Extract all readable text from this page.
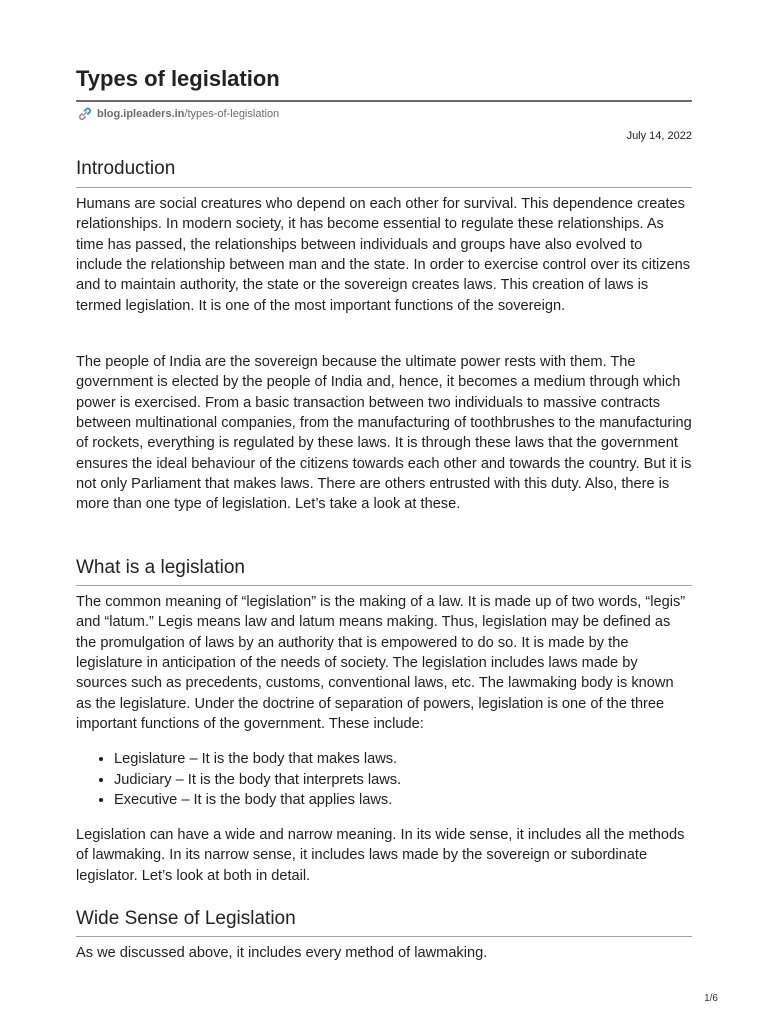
Types of legislation
blog.ipleaders.in/types-of-legislation
July 14, 2022
Introduction

Humans are social creatures who depend on each other for survival. This dependence creates relationships. In modern society, it has become essential to regulate these relationships. As time has passed, the relationships between individuals and groups have also evolved to include the relationship between man and the state. In order to exercise control over its citizens and to maintain authority, the state or the sovereign creates laws. This creation of laws is termed legislation. It is one of the most important functions of the sovereign.

The people of India are the sovereign because the ultimate power rests with them. The government is elected by the people of India and, hence, it becomes a medium through which power is exercised. From a basic transaction between two individuals to massive contracts between multinational companies, from the manufacturing of toothbrushes to the manufacturing of rockets, everything is regulated by these laws. It is through these laws that the government ensures the ideal behaviour of the citizens towards each other and towards the country. But it is not only Parliament that makes laws. There are others entrusted with this duty. Also, there is more than one type of legislation. Let’s take a look at these.

What is a legislation

The common meaning of “legislation” is the making of a law. It is made up of two words, “legis” and “latum.” Legis means law and latum means making. Thus, legislation may be defined as the promulgation of laws by an authority that is empowered to do so. It is made by the legislature in anticipation of the needs of society. The legislation includes laws made by sources such as precedents, customs, conventional laws, etc. The lawmaking body is known as the legislature. Under the doctrine of separation of powers, legislation is one of the three important functions of the government. These include:

• Legislature – It is the body that makes laws.
• Judiciary – It is the body that interprets laws.
• Executive – It is the body that applies laws.

Legislation can have a wide and narrow meaning. In its wide sense, it includes all the methods of lawmaking. In its narrow sense, it includes laws made by the sovereign or subordinate legislator. Let’s look at both in detail.

Wide Sense of Legislation

As we discussed above, it includes every method of lawmaking.

1/6
